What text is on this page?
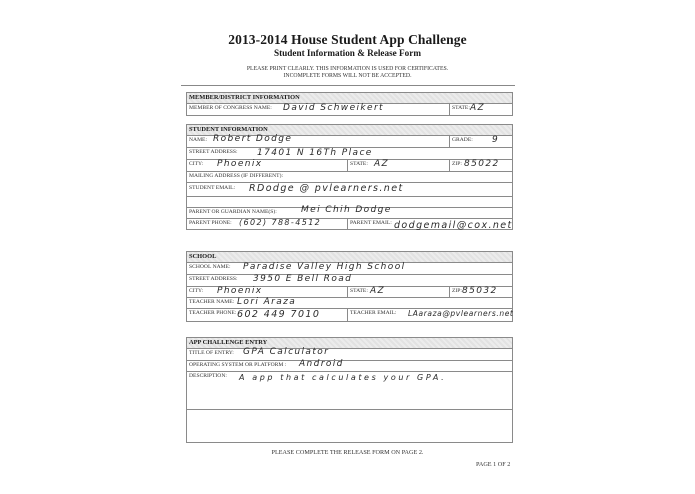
2013-2014 House Student App Challenge
Student Information & Release Form
PLEASE PRINT CLEARLY. THIS INFORMATION IS USED FOR CERTIFICATES.
INCOMPLETE FORMS WILL NOT BE ACCEPTED.
MEMBER/DISTRICT INFORMATION
MEMBER OF CONGRESS NAME: David Schweikert	STATE: AZ
STUDENT INFORMATION
NAME: Robert Dodge	GRADE: 9
STREET ADDRESS: 17401 N 16Th Place
CITY: Phoenix	STATE: AZ	ZIP: 85022
MAILING ADDRESS (IF DIFFERENT):
STUDENT EMAIL: RDodge @ pvlearners.net
PARENT OR GUARDIAN NAME(S):	Mei Chih Dodge
PARENT PHONE: (602) 788-4512	PARENT EMAIL: dodgemail@cox.net
SCHOOL
SCHOOL NAME: Paradise Valley High School
STREET ADDRESS: 3950 E Bell Road
CITY: Phoenix	STATE: AZ	ZIP: 85032
TEACHER NAME: Lori Araza
TEACHER PHONE: 602 449 7010	TEACHER EMAIL: LAaraza@pvlearners.net
APP CHALLENGE ENTRY
TITLE OF ENTRY: GPA Calculator
OPERATING SYSTEM OR PLATFORM : Android
DESCRIPTION: A app that calculates your GPA.
PLEASE COMPLETE THE RELEASE FORM ON PAGE 2.
PAGE 1 OF 2
